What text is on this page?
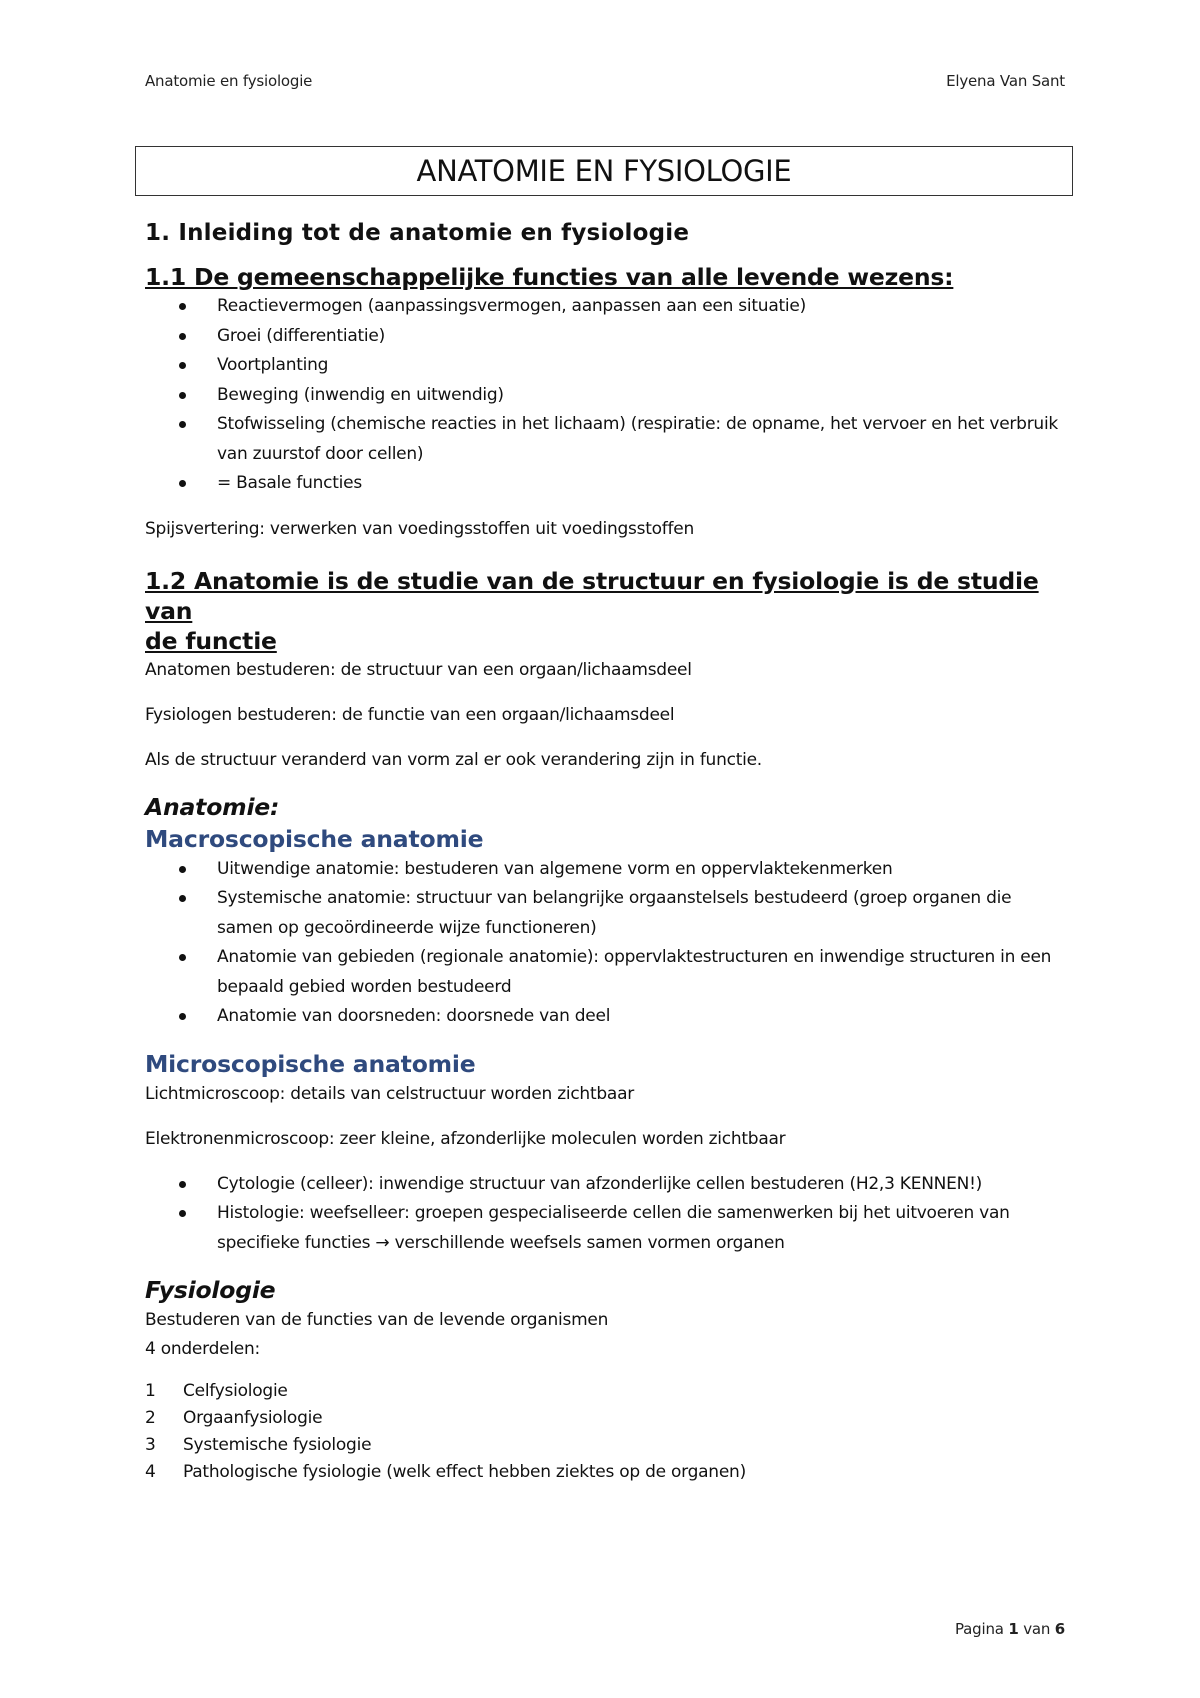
Anatomie en fysiologie	Elyena Van Sant
ANATOMIE EN FYSIOLOGIE
1. Inleiding tot de anatomie en fysiologie
1.1 De gemeenschappelijke functies van alle levende wezens:
Reactievermogen (aanpassingsvermogen, aanpassen aan een situatie)
Groei (differentiatie)
Voortplanting
Beweging (inwendig en uitwendig)
Stofwisseling (chemische reacties in het lichaam) (respiratie: de opname, het vervoer en het verbruik van zuurstof door cellen)
= Basale functies

Spijsvertering: verwerken van voedingsstoffen uit voedingsstoffen

1.2 Anatomie is de studie van de structuur en fysiologie is de studie van
de functie

Anatomen bestuderen: de structuur van een orgaan/lichaamsdeel

Fysiologen bestuderen: de functie van een orgaan/lichaamsdeel

Als de structuur veranderd van vorm zal er ook verandering zijn in functie.

Anatomie:
Macroscopische anatomie
Uitwendige anatomie: bestuderen van algemene vorm en oppervlaktekenmerken
Systemische anatomie: structuur van belangrijke orgaanstelsels bestudeerd (groep organen die samen op gecoördineerde wijze functioneren)
Anatomie van gebieden (regionale anatomie): oppervlaktestructuren en inwendige structuren in een bepaald gebied worden bestudeerd
Anatomie van doorsneden: doorsnede van deel
Microscopische anatomie

Lichtmicroscoop: details van celstructuur worden zichtbaar

Elektronenmicroscoop: zeer kleine, afzonderlijke moleculen worden zichtbaar

Cytologie (celleer): inwendige structuur van afzonderlijke cellen bestuderen (H2,3 KENNEN!)
Histologie: weefselleer: groepen gespecialiseerde cellen die samenwerken bij het uitvoeren van specifieke functies → verschillende weefsels samen vormen organen
Fysiologie

Bestuderen van de functies van de levende organismen

4 onderdelen:

1	Celfysiologie
2	Orgaanfysiologie
3	Systemische fysiologie
4	Pathologische fysiologie (welk effect hebben ziektes op de organen)
Pagina 1 van 6
